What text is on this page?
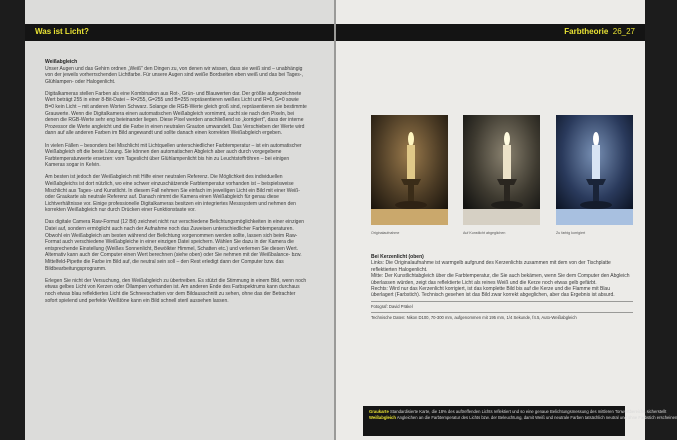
Was ist Licht?

Weißabgleich

Unser Augen und das Gehirn ordnen „Weiß" den Dingen zu, von denen wir wissen, dass sie weiß sind – unabhängig von der jeweils vorherrschenden Lichtfarbe. Für unsere Augen sind weiße Bordseiten eben weiß und das bei Tages-, Glühlampen- oder Halogenlicht.

Digitalkameras stellen Farben als eine Kombination aus Rot-, Grün- und Blauwerten dar. Der größte aufgezeichnete Wert beträgt 255 in einer 8-Bit-Datei – R=255, G=255 und B=255 repräsentieren weißes Licht und R=0, G=0 sowie B=0 kein Licht – mit anderen Worten Schwarz. Solange die RGB-Werte gleich groß sind, repräsentieren sie bestimmte Grauwerte. Wenn die Digitalkamera einen automatischen Weißabgleich vornimmt, sucht sie nach den Pixeln, bei denen die RGB-Werte sehr eng beieinander liegen. Diese Pixel werden anschließend so „korrigiert", dass der interne Prozessor die Werte angleicht und die Farbe in einen neutralen Grauton umwandelt. Das Verschieben der Werte wird dann auf alle anderen Farben im Bild angewandt und sollte danach einen korrekten Weißabgleich ergeben.

In vielen Fällen – besonders bei Mischlicht mit Lichtquellen unterschiedlicher Farbtemperatur – ist ein automatischer Weißabgleich oft die beste Lösung. Sie können den automatischen Abgleich aber auch durch vorgegebene Farbtemperaturwerte ersetzen: vom Tageslicht über Glühlampenlicht bis hin zu Leuchtstoffröhren – bei einigen Kameras sogar in Kelvin.

Am besten ist jedoch der Weißabgleich mit Hilfe einer neutralen Referenz. Die Möglichkeit des individuellen Weißabgleichs ist dort nützlich, wo eine schwer einzuschätzende Farbtemperatur vorhanden ist – beispielsweise Mischlicht aus Tages- und Kunstlicht. In diesem Fall nehmen Sie einfach im jeweiligen Licht ein Bild mit einer Weiß- oder Graukarte als neutrale Referenz auf. Danach nimmt die Kamera einen Weißabgleich für genau diese Lichtverhältnisse vor. Einige professionelle Digitalkameras besitzen ein integriertes Messsystem und nehmen den korrekten Weißabgleich nur durch Drücken einer Funktionstaste vor.

Das digitale Camera Raw-Format (12 Bit) zeichnet nicht nur verschiedene Belichtungsmöglichkeiten in einer einzigen Datei auf, sondern ermöglicht auch nach der Aufnahme noch das Zuweisen unterschiedlicher Farbtemperaturen. Obwohl ein Weißabgleich am besten während der Belichtung vorgenommen werden sollte, lassen sich beim Raw-Format auch verschiedene Weißabgleiche in einer einzigen Datei speichern. Wählen Sie dazu in der Kamera die entsprechende Einstellung (Weißes Sonnenlicht, Bewölkter Himmel, Schatten etc.) und verlernen Sie diesen Wert. Alternativ kann auch der Computer einen Wert berechnen (siehe oben) oder Sie nehmen mit der Weißbalance- bzw. Mittelfeld-Pipette die Farbe im Bild auf, die neutral sein soll – den Rest erledigt dann der Computer bzw. das Bildbearbeitungsprogramm.

Erlegen Sie nicht der Versuchung, den Weißabgleich zu übertreiben. Es stützt die Stimmung in einem Bild, wenn noch etwas gelbes Licht von Kerzen oder Öllampen vorhanden ist. Am anderen Ende des Farbspektrums kann durchaus noch etwas blau reflektiertes Licht die Schneeschatten vor dem Bildausschnitt zu sehen, ohne das der Betrachter sofort spielend und perfekte Weißtöne kann ein Bild schnell steril aussehen lassen.

Farbtheorie 26_27
Originalaufnahme	Auf Kunstlicht abgeglichen	Zu farbig korrigiert

Bei Kerzenlicht (oben)

Links: Die Originalaufnahme ist warmgelb aufgrund des Kerzenlichts zusammen mit dem von der Tischplatte reflektierten Halogenlicht.

Mitte: Der Kunstlichtabgleich über die Farbtemperatur, die Sie auch bekämen, wenn Sie dem Computer den Abgleich überlassen würden, zeigt das reflektierte Licht als reines Weiß und die Kerze noch etwas gelb gefärbt.

Rechts: Wird nur das Kerzenlicht korrigiert, ist das komplette Bild bis auf die Kerze und die Flamme mit Blau überlagert (Farbstich). Technisch gesehen ist das Bild zwar korrekt abgeglichen, aber das Ergebnis ist absurd.

Fotograf: David Präkel

Technische Daten: Nikon D100, 70-300 mm, aufgenommen mit 195 mm, 1/4 Sekunde, f4.5, Auto-Weißabgleich

Graukarte Standardisierte Karte, die 18% des auftreffenden Lichts reflektiert und so eine genaue Belichtungsmessung des mittleren Tonwertbereichs sicherstellt
Weißabgleich Angleichen an die Farbtemperatur des Lichts bzw. der Beleuchtung, damit Weiß und neutrale Farben tatsächlich neutral und ohne Farbstich erscheinen
